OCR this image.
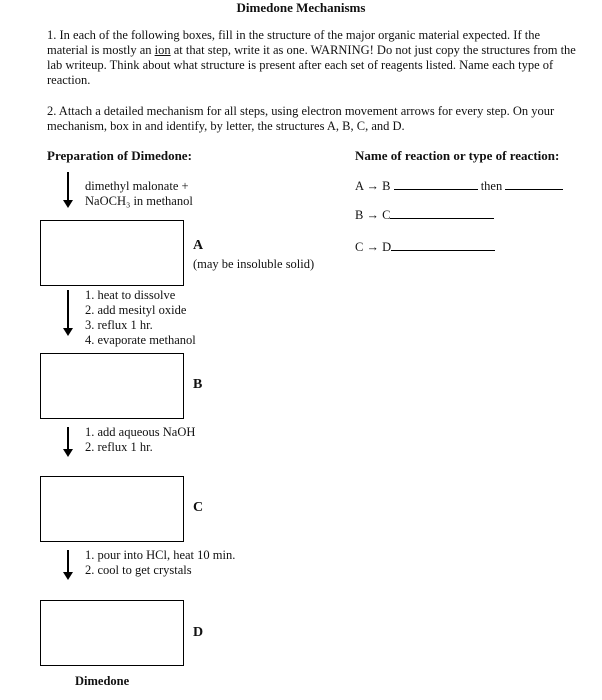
Dimedone Mechanisms
1. In each of the following boxes, fill in the structure of the major organic material expected. If the material is mostly an ion at that step, write it as one. WARNING! Do not just copy the structures from the lab writeup. Think about what structure is present after each set of reagents listed. Name each type of reaction.
2. Attach a detailed mechanism for all steps, using electron movement arrows for every step. On your mechanism, box in and identify, by letter, the structures A, B, C, and D.
Preparation of Dimedone:	Name of reaction or type of reaction:
dimethyl malonate +
NaOCH₃ in methanol
A
(may be insoluble solid)
1. heat to dissolve
2. add mesityl oxide
3. reflux 1 hr.
4. evaporate methanol
B
1. add aqueous NaOH
2. reflux 1 hr.
C
1. pour into HCl, heat 10 min.
2. cool to get crystals
D
Dimedone
A → B	then
B → C
C → D
